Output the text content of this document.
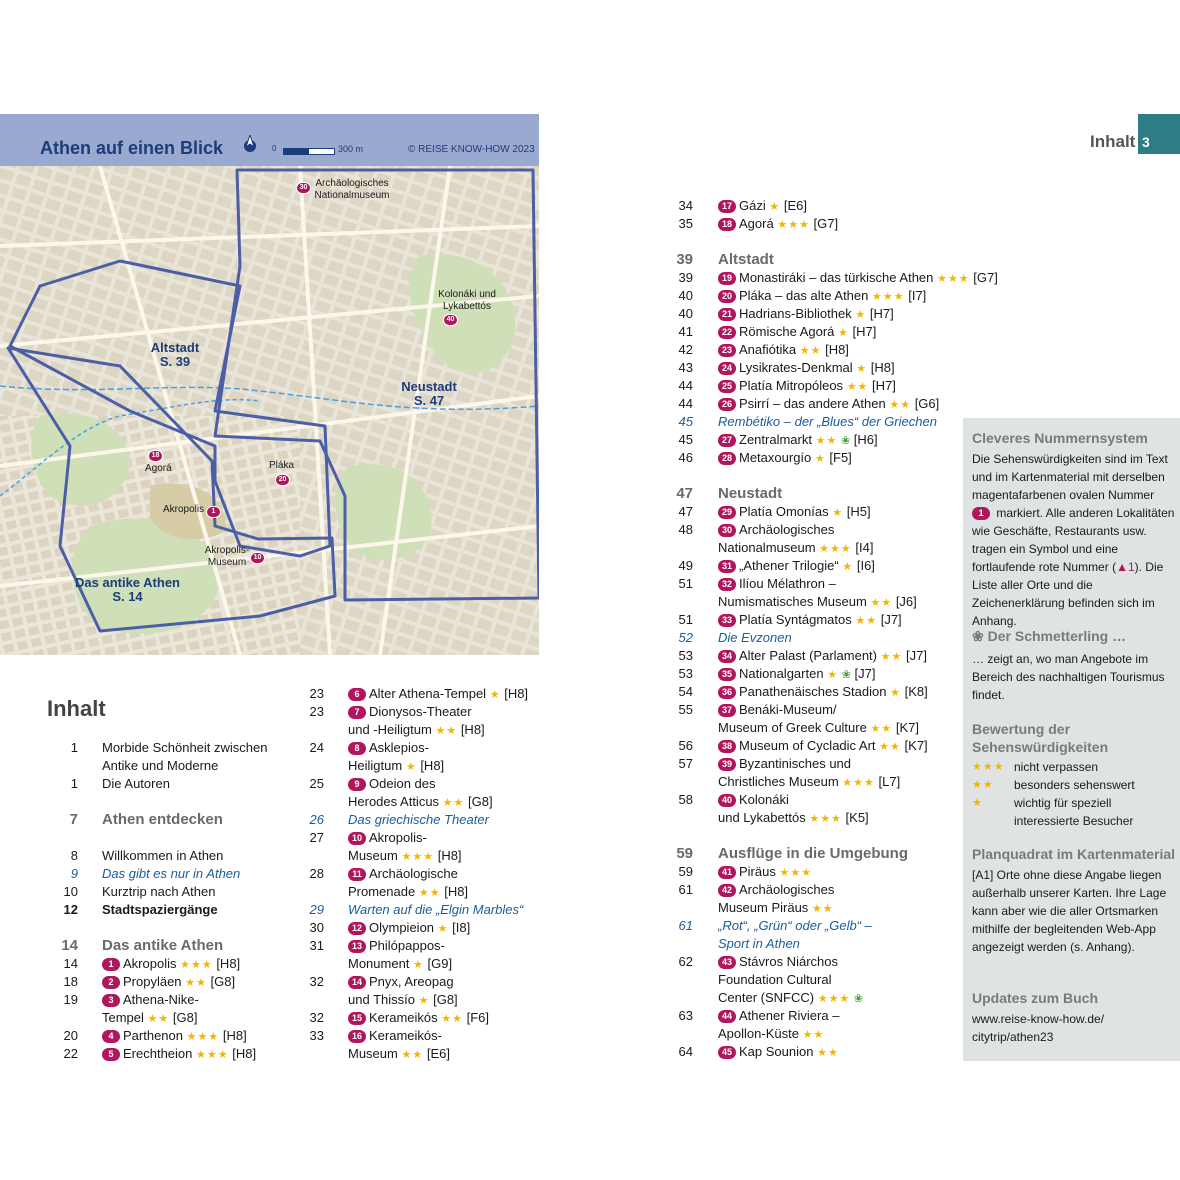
Athen auf einen Blick	0	300 m	© REISE KNOW-HOW 2023
30 Archäologisches Nationalmuseum
Kolonáki und Lykabettós
40
18
Agorá	Pláka
20
Akropolis	1
Akropolis-Museum	10
Altstadt
S. 39
Neustadt
S. 47
Das antike Athen
S. 14
Inhalt 3
Inhalt
1 Morbide Schönheit zwischen
Antike und Moderne
1 Die Autoren
7 Athen entdecken
8 Willkommen in Athen
9 Das gibt es nur in Athen
10 Kurztrip nach Athen
12 Stadtspaziergänge
14 Das antike Athen
14	1 Akropolis ★★★ [H8]
18	2 Propyläen ★★ [G8]
19	3 Athena-Nike-
Tempel ★★ [G8]
20	4 Parthenon ★★★ [H8]
22	5 Erechtheion ★★★ [H8]
23	6 Alter Athena-Tempel ★ [H8]
23	7 Dionysos-Theater
und -Heiligtum ★★ [H8]
24	8 Asklepios-
Heiligtum ★ [H8]
25	9 Odeion des
Herodes Atticus ★★ [G8]
26 Das griechische Theater
27	10 Akropolis-
Museum ★★★ [H8]
28	11 Archäologische
Promenade ★★ [H8]
29 Warten auf die „Elgin Marbles“
30	12 Olympieion ★ [I8]
31	13 Philópappos-
Monument ★ [G9]
32	14 Pnyx, Areopag
und Thissío ★ [G8]
32	15 Kerameikós ★★ [F6]
33	16 Kerameikós-
Museum ★★ [E6]
34	17 Gázi ★ [E6]
35	18 Agorá ★★★ [G7]
39 Altstadt
39	19 Monastiráki – das türkische Athen ★★★ [G7]
40	20 Pláka – das alte Athen ★★★ [I7]
40	21 Hadrians-Bibliothek ★ [H7]
41	22 Römische Agorá ★ [H7]
42	23 Anafiótika ★★ [H8]
43	24 Lysikrates-Denkmal ★ [H8]
44	25 Platía Mitropóleos ★★ [H7]
44	26 Psirrí – das andere Athen ★★ [G6]
45 Rembétiko – der „Blues“ der Griechen
45	27 Zentralmarkt ★★ ❀ [H6]
46	28 Metaxourgío ★ [F5]
47 Neustadt
47	29 Platía Omonías ★ [H5]
48	30 Archäologisches
Nationalmuseum ★★★ [I4]
49	31 „Athener Trilogie“ ★ [I6]
51	32 Ilíou Mélathron –
Numismatisches Museum ★★ [J6]
51	33 Platía Syntágmatos ★★ [J7]
52 Die Evzonen
53	34 Alter Palast (Parlament) ★★ [J7]
53	35 Nationalgarten ★ ❀ [J7]
54	36 Panathenäisches Stadion ★ [K8]
55	37 Benáki-Museum/
Museum of Greek Culture ★★ [K7]
56	38 Museum of Cycladic Art ★★ [K7]
57	39 Byzantinisches und
Christliches Museum ★★★ [L7]
58	40 Kolonáki
und Lykabettós ★★★ [K5]
59 Ausflüge in die Umgebung
59	41 Piräus ★★★
61	42 Archäologisches
Museum Piräus ★★
61 „Rot“, „Grün“ oder „Gelb“ –
Sport in Athen
62	43 Stávros Niárchos
Foundation Cultural
Center (SNFCC) ★★★ ❀
63	44 Athener Riviera –
Apollon-Küste ★★
64	45 Kap Sounion ★★
Cleveres Nummernsystem
Die Sehenswürdigkeiten sind im Text und im Kartenmaterial mit derselben magentafarbenen ovalen Nummer 1 markiert. Alle anderen Lokalitäten wie Geschäfte, Restaurants usw. tragen ein Symbol und eine fortlaufende rote Nummer (▲1). Die Liste aller Orte und die Zeichenerklärung befinden sich im Anhang.
❀ Der Schmetterling …
… zeigt an, wo man Angebote im Bereich des nachhaltigen Tourismus findet.
Bewertung der Sehenswürdigkeiten
★★★ nicht verpassen
★★ besonders sehenswert
★	wichtig für speziell interessierte Besucher
Planquadrat im Kartenmaterial
[A1] Orte ohne diese Angabe liegen außerhalb unserer Karten. Ihre Lage kann aber wie die aller Ortsmarken mithilfe der begleitenden Web-App angezeigt werden (s. Anhang).
Updates zum Buch
www.reise-know-how.de/ citytrip/athen23
